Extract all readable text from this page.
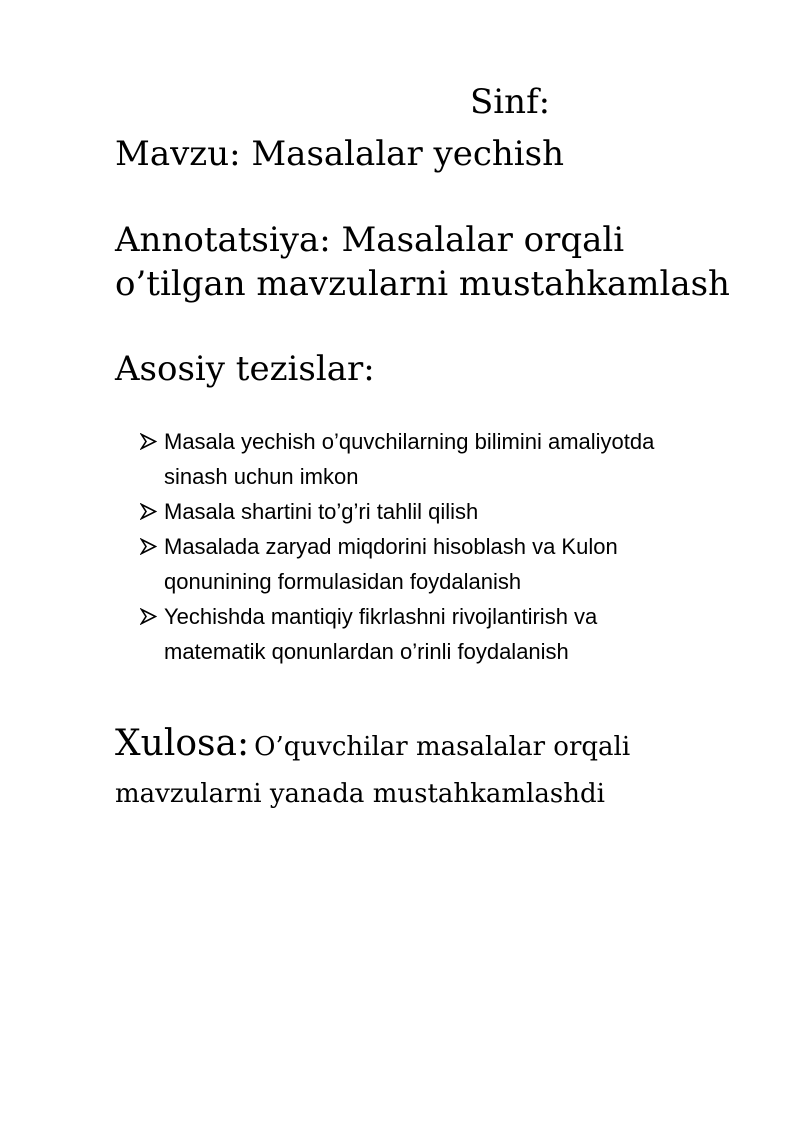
Sinf:
Mavzu: Masalalar yechish
Annotatsiya: Masalalar orqali
o’tilgan mavzularni mustahkamlash
Asosiy tezislar:
Masala yechish o’quvchilarning bilimini amaliyotda
sinash uchun imkon
Masala shartini to’g’ri tahlil qilish
Masalada zaryad miqdorini hisoblash va Kulon
qonunining formulasidan foydalanish
Yechishda mantiqiy fikrlashni rivojlantirish va
matematik qonunlardan o’rinli foydalanish
Xulosa: O’quvchilar masalalar orqali
mavzularni yanada mustahkamlashdi
